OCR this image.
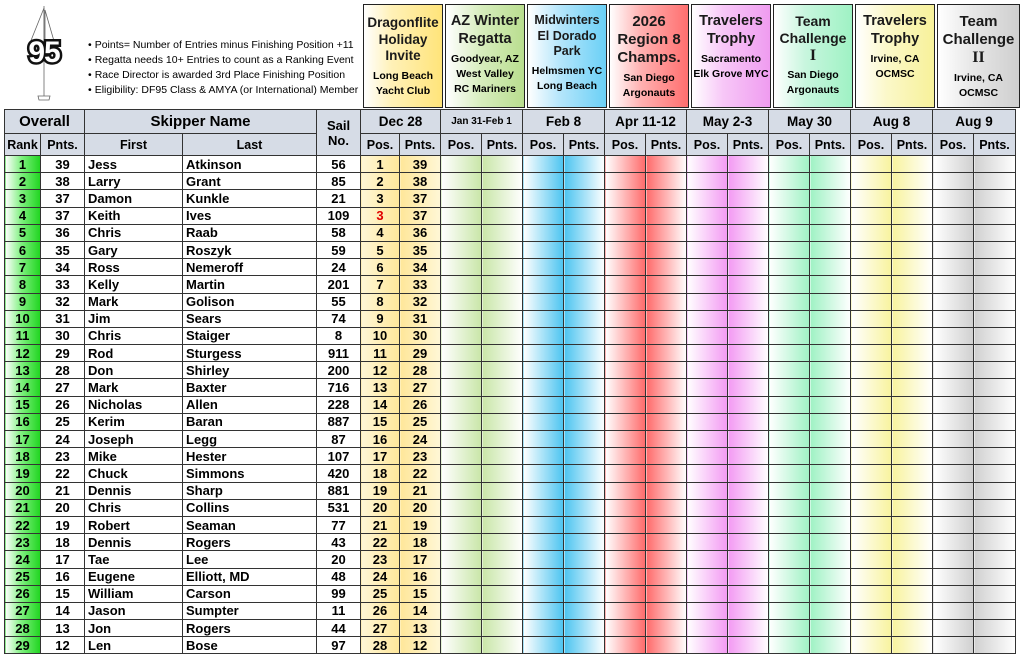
95	• Points= Number of Entries minus Finishing Position +11
• Regatta needs 10+ Entries to count as a Ranking Event
• Race Director is awarded 3rd Place Finishing Position
• Eligibility: DF95 Class & AMYA (or International) Member
Dragonflite
Holiday
Invite
Long Beach
Yacht Club
AZ Winter
Regatta
Goodyear, AZ
West Valley
RC Mariners
Midwinters
El Dorado
Park
Helmsmen YC
Long Beach
2026
Region 8
Champs.
San Diego
Argonauts
Travelers
Trophy
Sacramento
Elk Grove MYC
Team
Challenge
I
San Diego
Argonauts
Travelers
Trophy
Irvine, CA
OCMSC
Team
Challenge
II
Irvine, CA
OCMSC
Overall		Skipper Name		Sail
No.	Dec 28		Jan 31-Feb 1		Feb 8		Apr 11-12		May 2-3		May 30		Aug 8		Aug 9	
Rank	Pnts.	First	Last		Pos.	Pnts.	Pos.	Pnts.	Pos.	Pnts.	Pos.	Pnts.	Pos.	Pnts.	Pos.	Pnts.	Pos.	Pnts.	Pos.	Pnts.
1	39	Jess	Atkinson	56	1	39														
2	38	Larry	Grant	85	2	38														
3	37	Damon	Kunkle	21	3	37														
4	37	Keith	Ives	109	3	37														
5	36	Chris	Raab	58	4	36														
6	35	Gary	Roszyk	59	5	35														
7	34	Ross	Nemeroff	24	6	34														
8	33	Kelly	Martin	201	7	33														
9	32	Mark	Golison	55	8	32														
10	31	Jim	Sears	74	9	31														
11	30	Chris	Staiger	8	10	30														
12	29	Rod	Sturgess	911	11	29														
13	28	Don	Shirley	200	12	28														
14	27	Mark	Baxter	716	13	27														
15	26	Nicholas	Allen	228	14	26														
16	25	Kerim	Baran	887	15	25														
17	24	Joseph	Legg	87	16	24														
18	23	Mike	Hester	107	17	23														
19	22	Chuck	Simmons	420	18	22														
20	21	Dennis	Sharp	881	19	21														
21	20	Chris	Collins	531	20	20														
22	19	Robert	Seaman	77	21	19														
23	18	Dennis	Rogers	43	22	18														
24	17	Tae	Lee	20	23	17														
25	16	Eugene	Elliott, MD	48	24	16														
26	15	William	Carson	99	25	15														
27	14	Jason	Sumpter	11	26	14														
28	13	Jon	Rogers	44	27	13														
29	12	Len	Bose	97	28	12														
